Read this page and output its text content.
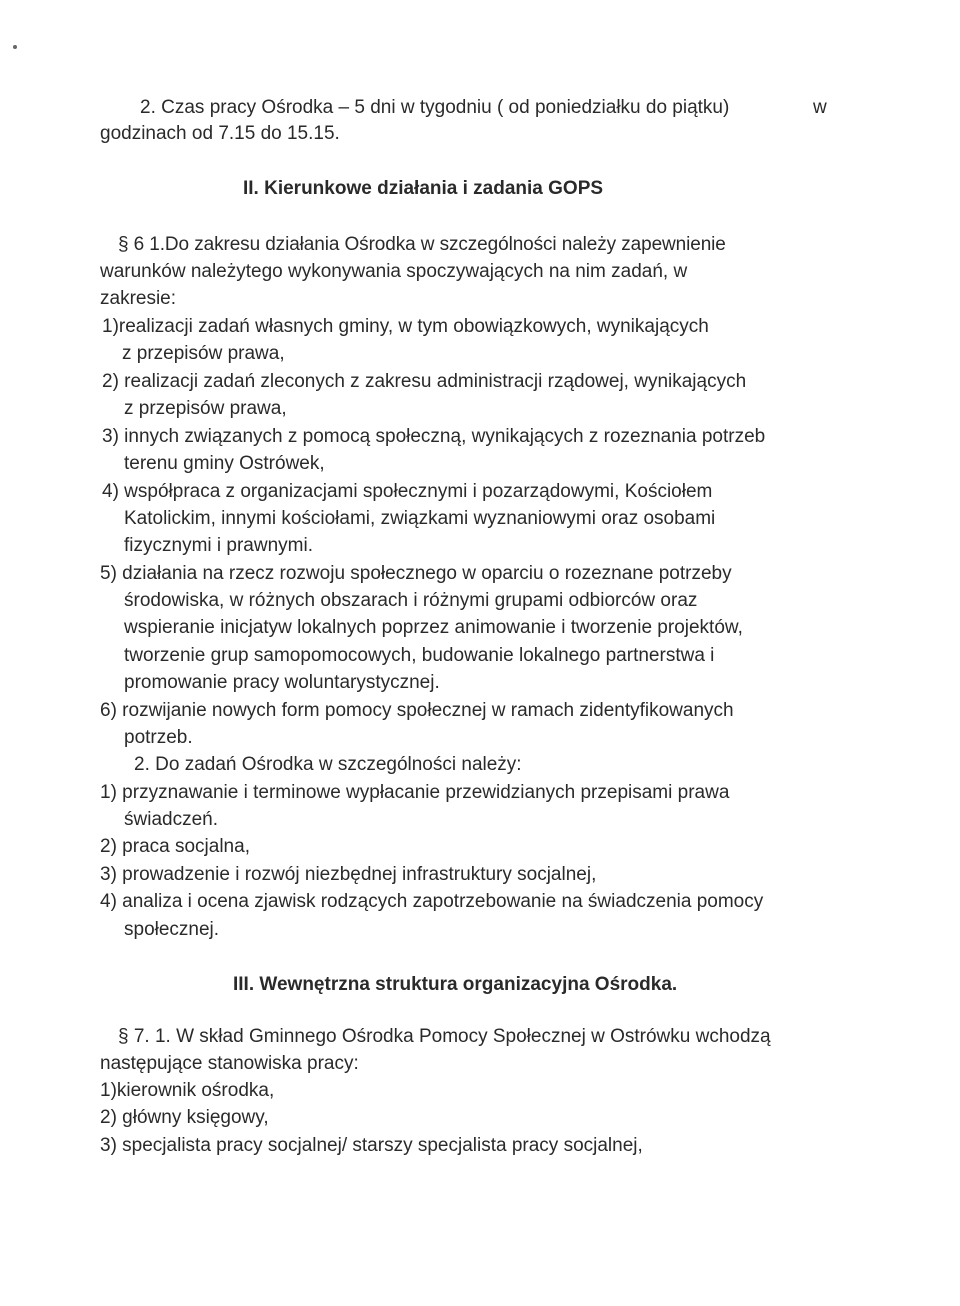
2. Czas pracy Ośrodka – 5 dni w tygodniu ( od poniedziałku do piątku)	w

godzinach od 7.15 do 15.15.

II. Kierunkowe działania i zadania GOPS

§ 6 1.Do zakresu działania Ośrodka w szczególności należy zapewnienie

warunków należytego wykonywania spoczywających na nim zadań, w

zakresie:

1)realizacji zadań własnych gminy, w tym obowiązkowych, wynikających

z przepisów prawa,

2) realizacji zadań zleconych z zakresu administracji rządowej, wynikających

z przepisów prawa,

3) innych związanych z pomocą społeczną, wynikających z rozeznania potrzeb

terenu gminy Ostrówek,

4) współpraca z organizacjami społecznymi i pozarządowymi, Kościołem

Katolickim, innymi kościołami, związkami wyznaniowymi oraz osobami

fizycznymi i prawnymi.

5) działania na rzecz rozwoju społecznego w oparciu o rozeznane potrzeby

środowiska, w różnych obszarach i różnymi grupami odbiorców oraz

wspieranie inicjatyw lokalnych poprzez animowanie i tworzenie projektów,

tworzenie grup samopomocowych, budowanie lokalnego partnerstwa i

promowanie pracy woluntarystycznej.

6) rozwijanie nowych form pomocy społecznej w ramach zidentyfikowanych

potrzeb.

2. Do zadań Ośrodka w szczególności należy:

1) przyznawanie i terminowe wypłacanie przewidzianych przepisami prawa

świadczeń.

2) praca socjalna,

3) prowadzenie i rozwój niezbędnej infrastruktury socjalnej,

4) analiza i ocena zjawisk rodzących zapotrzebowanie na świadczenia pomocy

społecznej.

III. Wewnętrzna struktura organizacyjna Ośrodka.

§ 7. 1. W skład Gminnego Ośrodka Pomocy Społecznej w Ostrówku wchodzą

następujące stanowiska pracy:

1)kierownik ośrodka,

2) główny księgowy,

3) specjalista pracy socjalnej/ starszy specjalista pracy socjalnej,
